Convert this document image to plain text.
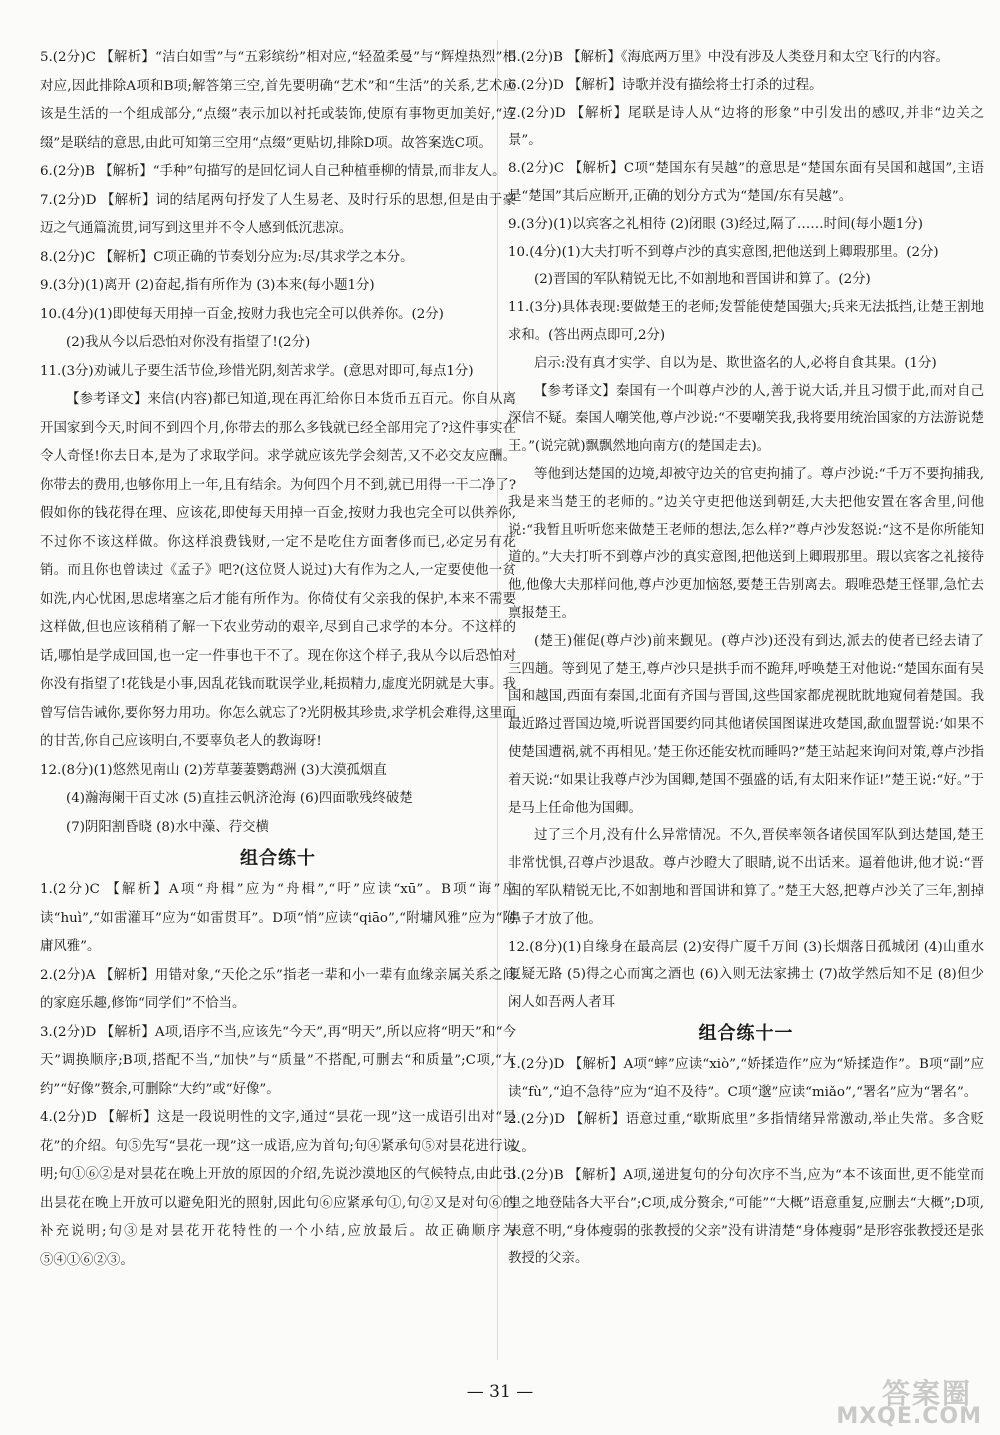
5.(2分)C 【解析】“洁白如雪”与“五彩缤纷”相对应,“轻盈柔曼”与“辉煌热烈”相对应,因此排除A项和B项;解答第三空,首先要明确“艺术”和“生活”的关系,艺术应该是生活的一个组成部分,“点缀”表示加以衬托或装饰,使原有事物更加美好,“连缀”是联结的意思,由此可知第三空用“点缀”更贴切,排除D项。故答案选C项。

6.(2分)B 【解析】“手种”句描写的是回忆词人自己种植垂柳的情景,而非友人。

7.(2分)D 【解析】词的结尾两句抒发了人生易老、及时行乐的思想,但是由于豪迈之气通篇流贯,词写到这里并不令人感到低沉悲凉。

8.(2分)C 【解析】C项正确的节奏划分应为:尽/其求学之本分。

9.(3分)(1)离开 (2)奋起,指有所作为 (3)本来(每小题1分)

10.(4分)(1)即使每天用掉一百金,按财力我也完全可以供养你。(2分)

(2)我从今以后恐怕对你没有指望了!(2分)

11.(3分)劝诫儿子要生活节俭,珍惜光阴,刻苦求学。(意思对即可,每点1分)

【参考译文】来信(内容)都已知道,现在再汇给你日本货币五百元。你自从离开国家到今天,时间不到四个月,你带去的那么多钱就已经全部用完了?这件事实在令人奇怪!你去日本,是为了求取学问。求学就应该先学会刻苦,又不必交友应酬。你带去的费用,也够你用上一年,且有结余。为何四个月不到,就已用得一干二净了?假如你的钱花得在理、应该花,即使每天用掉一百金,按财力我也完全可以供养你,不过你不该这样做。你这样浪费钱财,一定不是吃住方面奢侈而已,必定另有花销。而且你也曾读过《孟子》吧?(这位贤人说过)大有作为之人,一定要使他一贫如洗,内心忧困,思虑堵塞之后才能有所作为。你倚仗有父亲我的保护,本来不需要这样做,但也应该稍稍了解一下农业劳动的艰辛,尽到自己求学的本分。不这样的话,哪怕是学成回国,也一定一件事也干不了。现在你这个样子,我从今以后恐怕对你没有指望了!花钱是小事,因乱花钱而耽误学业,耗损精力,虚度光阴就是大事。我曾写信告诫你,要你努力用功。你怎么就忘了?光阴极其珍贵,求学机会难得,这里面的甘苦,你自己应该明白,不要辜负老人的教诲呀!

12.(8分)(1)悠然见南山 (2)芳草萋萋鹦鹉洲 (3)大漠孤烟直

(4)瀚海阑干百丈冰 (5)直挂云帆济沧海 (6)四面歌残终破楚

(7)阴阳割昏晓 (8)水中藻、荇交横

组合练十

1.(2分)C 【解析】A项“舟楫”应为“舟楫”,“吁”应读“xū”。B项“诲”应读“huì”,“如雷灌耳”应为“如雷贯耳”。D项“悄”应读“qiāo”,“附墉风雅”应为“附庸风雅”。

2.(2分)A 【解析】用错对象,“天伦之乐”指老一辈和小一辈有血缘亲属关系之间的家庭乐趣,修饰“同学们”不恰当。

3.(2分)D 【解析】A项,语序不当,应该先“今天”,再“明天”,所以应将“明天”和“今天”调换顺序;B项,搭配不当,“加快”与“质量”不搭配,可删去“和质量”;C项,“大约”“好像”赘余,可删除“大约”或“好像”。

4.(2分)D 【解析】这是一段说明性的文字,通过“昙花一现”这一成语引出对“昙花”的介绍。句⑤先写“昙花一现”这一成语,应为首句;句④紧承句⑤对昙花进行说明;句①⑥②是对昙花在晚上开放的原因的介绍,先说沙漠地区的气候特点,由此引出昙花在晚上开放可以避免阳光的照射,因此句⑥应紧承句①,句②又是对句⑥的补充说明;句③是对昙花开花特性的一个小结,应放最后。故正确顺序为⑤④①⑥②③。

5.(2分)B 【解析】《海底两万里》中没有涉及人类登月和太空飞行的内容。

6.(2分)D 【解析】诗歌并没有描绘将士打杀的过程。

7.(2分)D 【解析】尾联是诗人从“边将的形象”中引发出的感叹,并非“边关之景”。

8.(2分)C 【解析】C项“楚国东有吴越”的意思是“楚国东面有吴国和越国”,主语是“楚国”其后应断开,正确的划分方式为“楚国/东有吴越”。

9.(3分)(1)以宾客之礼相待 (2)闭眼 (3)经过,隔了……时间(每小题1分)

10.(4分)(1)大夫打听不到尊卢沙的真实意图,把他送到上卿瑕那里。(2分)

(2)晋国的军队精锐无比,不如割地和晋国讲和算了。(2分)

11.(3分)具体表现:要做楚王的老师;发誓能使楚国强大;兵来无法抵挡,让楚王割地求和。(答出两点即可,2分)

启示:没有真才实学、自以为是、欺世盗名的人,必将自食其果。(1分)

【参考译文】秦国有一个叫尊卢沙的人,善于说大话,并且习惯于此,而对自己深信不疑。秦国人嘲笑他,尊卢沙说:“不要嘲笑我,我将要用统治国家的方法游说楚王。”(说完就)飘飘然地向南方(的楚国走去)。

等他到达楚国的边境,却被守边关的官吏拘捕了。尊卢沙说:“千万不要拘捕我,我是来当楚王的老师的。”边关守吏把他送到朝廷,大夫把他安置在客舍里,问他说:“我暂且听听您来做楚王老师的想法,怎么样?”尊卢沙发怒说:“这不是你所能知道的。”大夫打听不到尊卢沙的真实意图,把他送到上卿瑕那里。瑕以宾客之礼接待他,他像大夫那样问他,尊卢沙更加恼怒,要楚王告别离去。瑕唯恐楚王怪罪,急忙去禀报楚王。

(楚王)催促(尊卢沙)前来觐见。(尊卢沙)还没有到达,派去的使者已经去请了三四趟。等到见了楚王,尊卢沙只是拱手而不跪拜,呼唤楚王对他说:“楚国东面有吴国和越国,西面有秦国,北面有齐国与晋国,这些国家都虎视眈眈地窥伺着楚国。我最近路过晋国边境,听说晋国要约同其他诸侯国图谋进攻楚国,歃血盟誓说:‘如果不使楚国遭祸,就不再相见。’楚王你还能安枕而睡吗?”楚王站起来询问对策,尊卢沙指着天说:“如果让我尊卢沙为国卿,楚国不强盛的话,有太阳来作证!”楚王说:“好。”于是马上任命他为国卿。

过了三个月,没有什么异常情况。不久,晋侯率领各诸侯国军队到达楚国,楚王非常忧惧,召尊卢沙退敌。尊卢沙瞪大了眼睛,说不出话来。逼着他讲,他才说:“晋国的军队精锐无比,不如割地和晋国讲和算了。”楚王大怒,把尊卢沙关了三年,割掉鼻子才放了他。

12.(8分)(1)自缘身在最高层 (2)安得广厦千万间 (3)长烟落日孤城闭 (4)山重水复疑无路 (5)得之心而寓之酒也 (6)入则无法家拂士 (7)故学然后知不足 (8)但少闲人如吾两人者耳

组合练十一

1.(2分)D 【解析】A项“蟀”应读“xiò”,“娇揉造作”应为“矫揉造作”。B项“副”应读“fù”,“迫不急待”应为“迫不及待”。C项“邈”应读“miǎo”,“署名”应为“署名”。

2.(2分)D 【解析】语意过重,“歇斯底里”多指情绪异常激动,举止失常。多含贬义。

3.(2分)B 【解析】A项,递进复句的分句次序不当,应为“本不该面世,更不能堂而皇之地登陆各大平台”;C项,成分赘余,“可能”“大概”语意重复,应删去“大概”;D项,表意不明,“身体瘦弱的张教授的父亲”没有讲清楚“身体瘦弱”是形容张教授还是张教授的父亲。

— 31 —	答案圈
MXQE.COM
